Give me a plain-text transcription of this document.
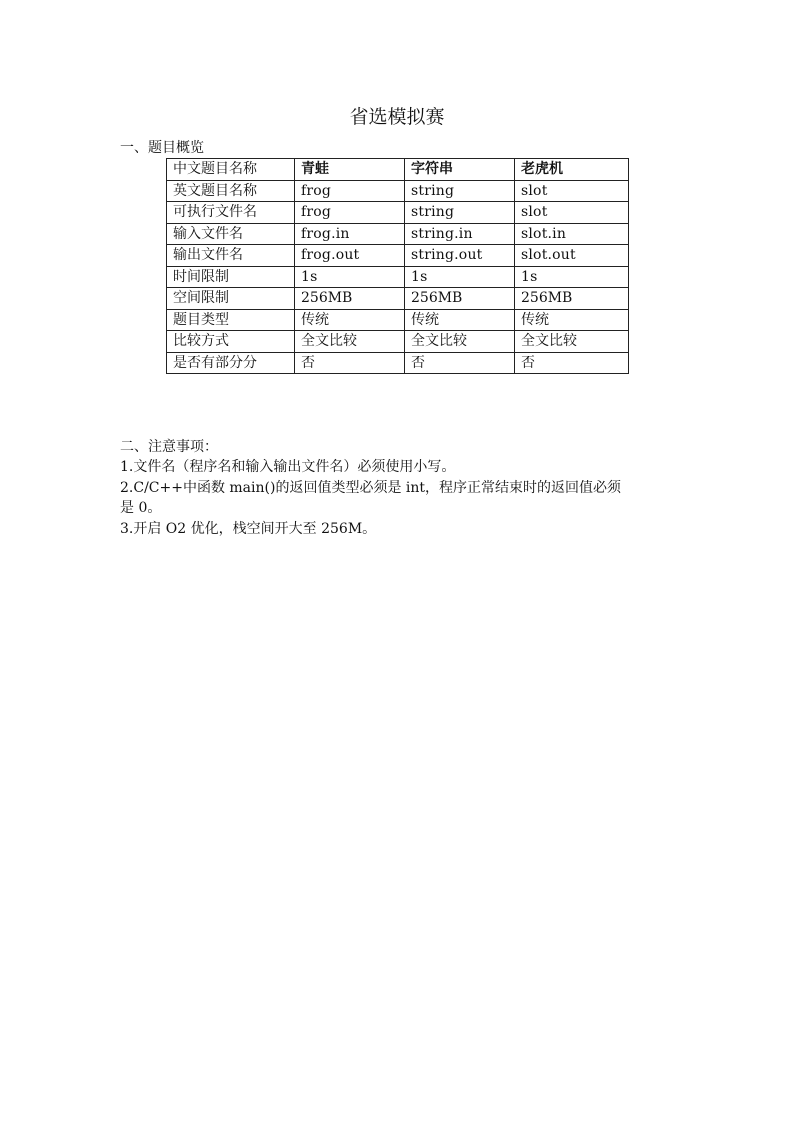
省选模拟赛
一、题目概览
中文题目名称	青蛙	字符串	老虎机
英文题目名称	frog	string	slot
可执行文件名	frog	string	slot
输入文件名	frog.in	string.in	slot.in
输出文件名	frog.out	string.out	slot.out
时间限制	1s	1s	1s
空间限制	256MB	256MB	256MB
题目类型	传统	传统	传统
比较方式	全文比较	全文比较	全文比较
是否有部分分	否	否	否
二、注意事项：
1.文件名（程序名和输入输出文件名）必须使用小写。
2.C/C++中函数 main()的返回值类型必须是 int，程序正常结束时的返回值必须
是 0。
3.开启 O2 优化，栈空间开大至 256M。
